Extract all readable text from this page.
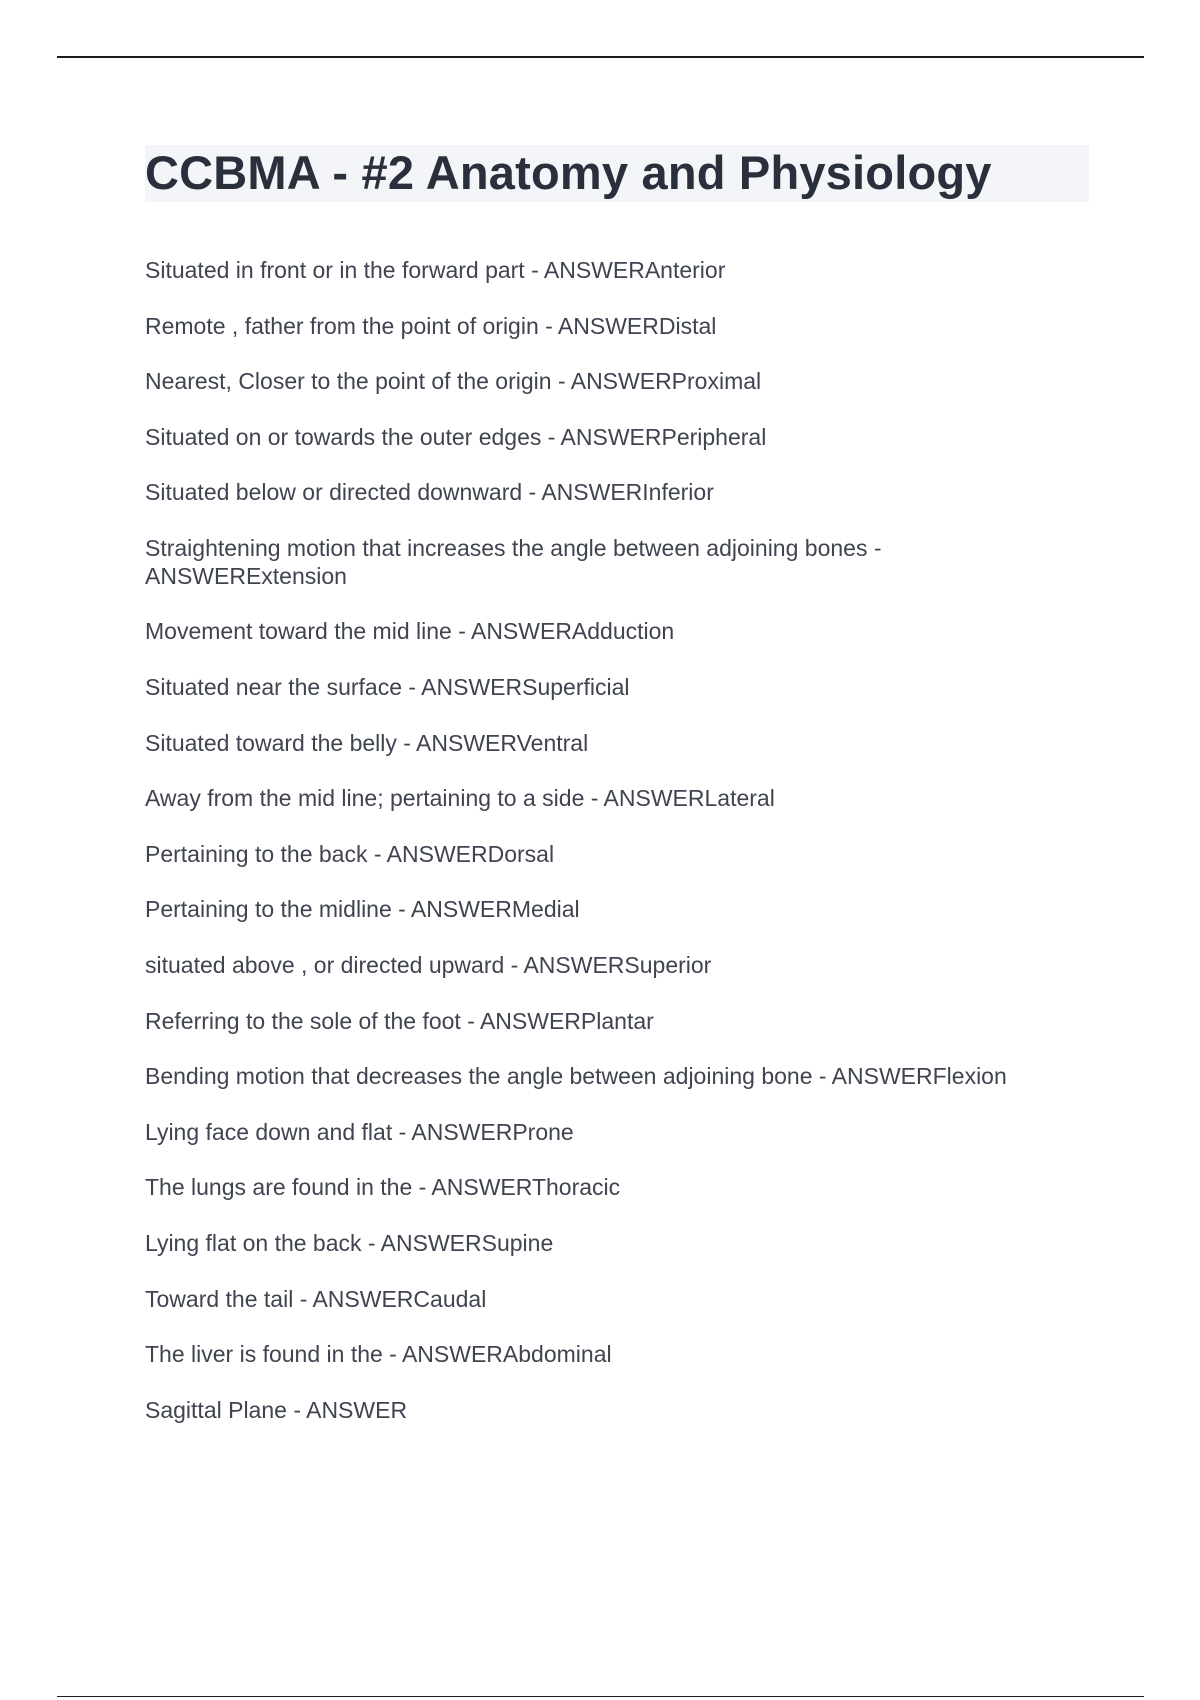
CCBMA - #2 Anatomy and Physiology
Situated in front or in the forward part - ANSWERAnterior
Remote , father from the point of origin - ANSWERDistal
Nearest, Closer to the point of the origin - ANSWERProximal
Situated on or towards the outer edges - ANSWERPeripheral
Situated below or directed downward - ANSWERInferior
Straightening motion that increases the angle between adjoining bones - ANSWERExtension
Movement toward the mid line - ANSWERAdduction
Situated near the surface - ANSWERSuperficial
Situated toward the belly - ANSWERVentral
Away from the mid line; pertaining to a side - ANSWERLateral
Pertaining to the back - ANSWERDorsal
Pertaining to the midline - ANSWERMedial
situated above , or directed upward - ANSWERSuperior
Referring to the sole of the foot - ANSWERPlantar
Bending motion that decreases the angle between adjoining bone - ANSWERFlexion
Lying face down and flat - ANSWERProne
The lungs are found in the - ANSWERThoracic
Lying flat on the back - ANSWERSupine
Toward the tail - ANSWERCaudal
The liver is found in the - ANSWERAbdominal
Sagittal Plane - ANSWER
